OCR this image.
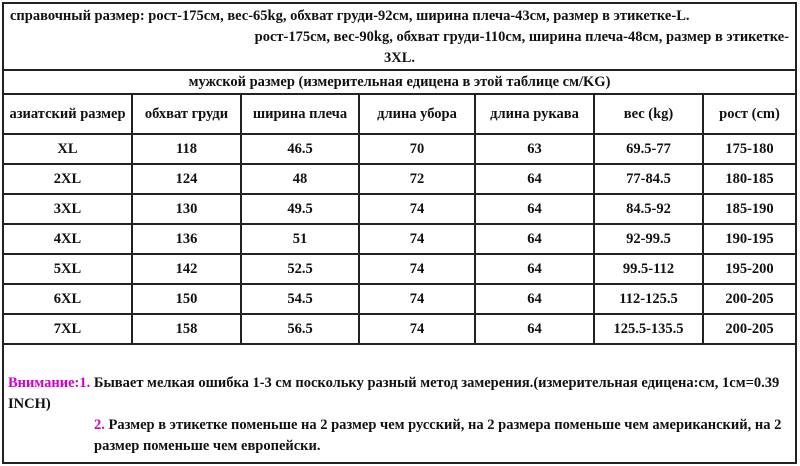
справочный размер: рост-175см, вес-65kg, обхват груди-92см, ширина плеча-43см, размер в этикетке-L.
рост-175см, вес-90kg, обхват груди-110см, ширина плеча-48см, размер в этикетке-
3XL.
мужской размер (измерительная едицена в этой таблице см/KG)
азиатский размер	обхват груди	ширина плеча	длина убора	длина рукава	вес (kg)	рост (cm)
XL	118	46.5	70	63	69.5-77	175-180
2XL	124	48	72	64	77-84.5	180-185
3XL	130	49.5	74	64	84.5-92	185-190
4XL	136	51	74	64	92-99.5	190-195
5XL	142	52.5	74	64	99.5-112	195-200
6XL	150	54.5	74	64	112-125.5	200-205
7XL	158	56.5	74	64	125.5-135.5	200-205
Внимание:1. Бывает мелкая ошибка 1-3 см поскольку разный метод замерения.(измерительная едицена:см, 1см=0.39 INCH)
2. Размер в этикетке поменьше на 2 размер чем русский, на 2 размера поменьше чем американский, на 2 размер поменьше чем европейски.
